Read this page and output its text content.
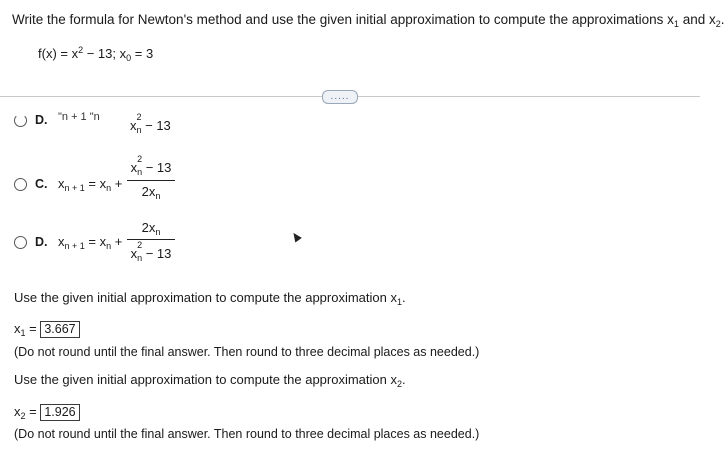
Write the formula for Newton's method and use the given initial approximation to compute the approximations $x_1$ and $x_2$.
$f(x) = x^2 - 13$; $x_0 = 3$
.....
D. "n + 1 "n
x
2
$_n$ − 13
C. $x_{n + 1} = x_n$ +
x
2
$_n$ − 13
$2x_n$
D. $x_{n + 1} = x_n$ +
$2x_n$
x
2
$_n$ − 13
Use the given initial approximation to compute the approximation $x_1$.
$x_1 = 3.667$
(Do not round until the final answer. Then round to three decimal places as needed.)
Use the given initial approximation to compute the approximation $x_2$.
$x_2 = 1.926$
(Do not round until the final answer. Then round to three decimal places as needed.)
